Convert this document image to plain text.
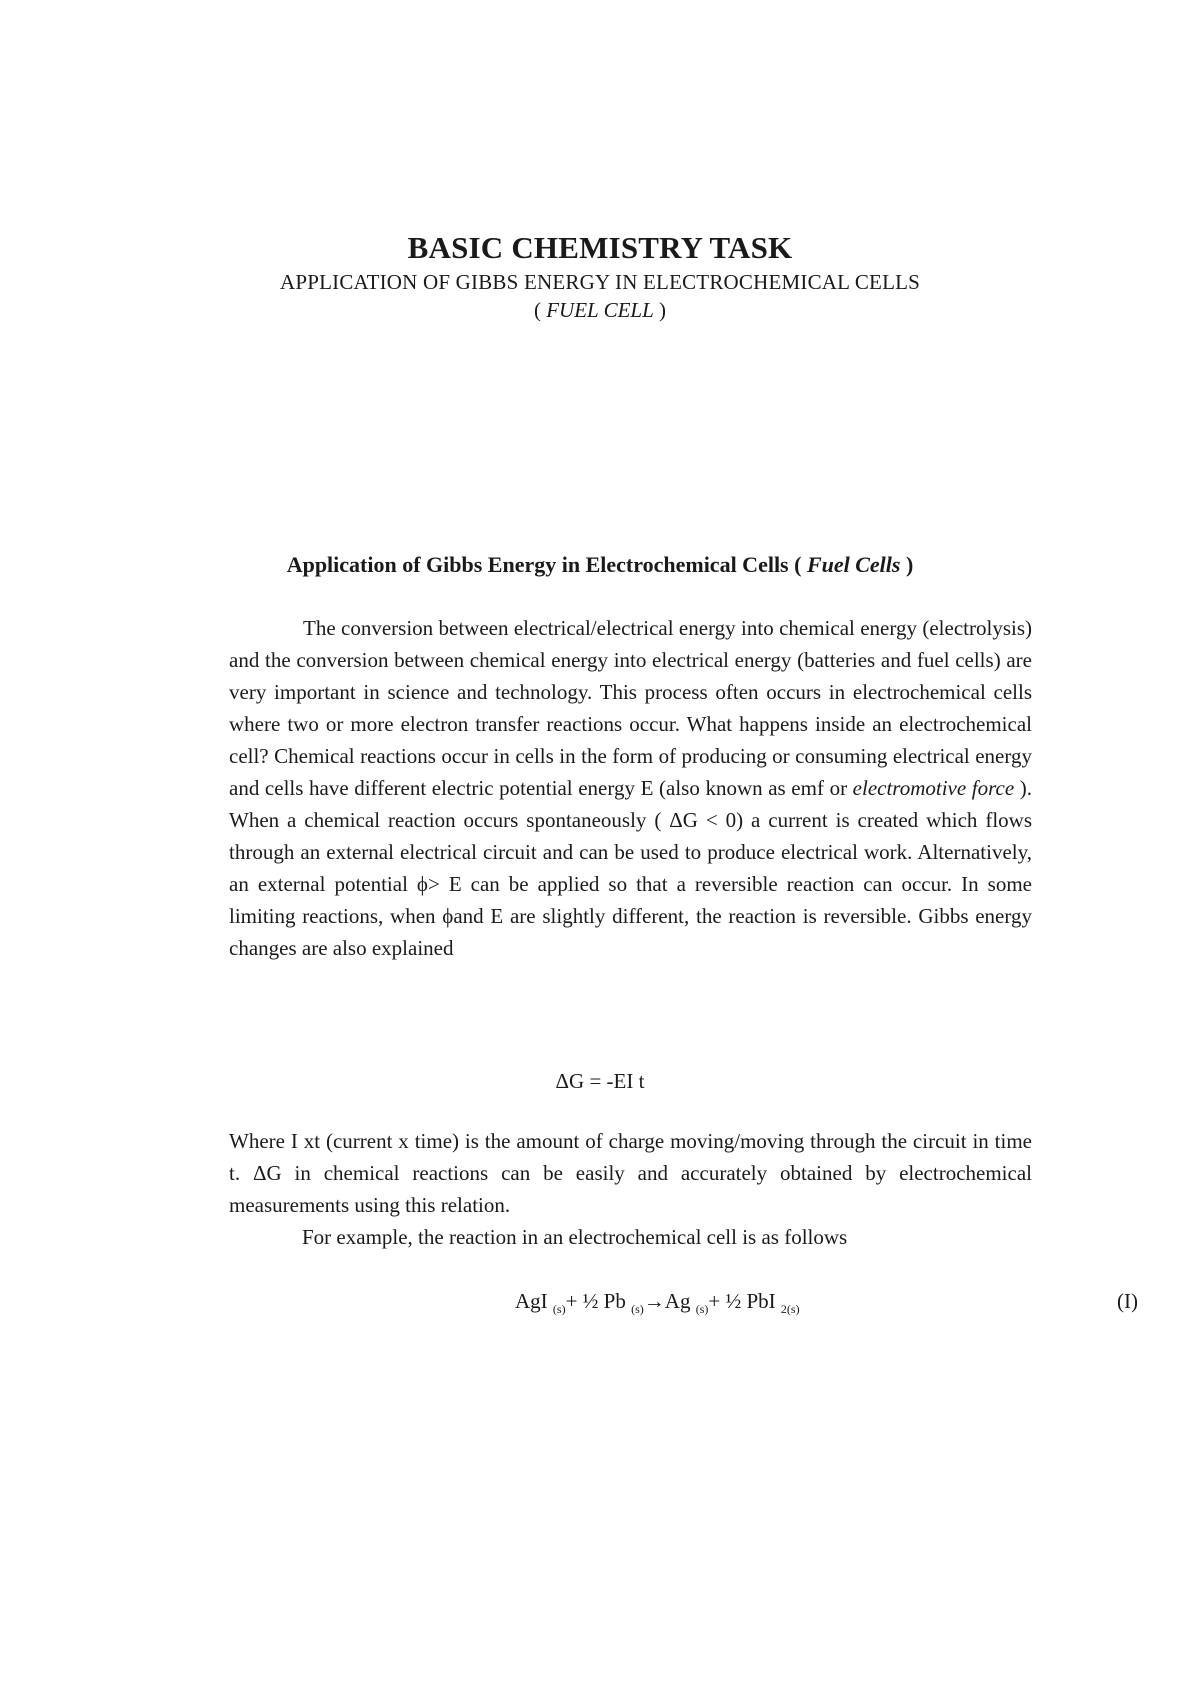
BASIC CHEMISTRY TASK

APPLICATION OF GIBBS ENERGY IN ELECTROCHEMICAL CELLS

( FUEL CELL )

Application of Gibbs Energy in Electrochemical Cells ( Fuel Cells )

The conversion between electrical/electrical energy into chemical energy (electrolysis) and the conversion between chemical energy into electrical energy (batteries and fuel cells) are very important in science and technology. This process often occurs in electrochemical cells where two or more electron transfer reactions occur. What happens inside an electrochemical cell? Chemical reactions occur in cells in the form of producing or consuming electrical energy and cells have different electric potential energy E (also known as emf or electromotive force ). When a chemical reaction occurs spontaneously ( ΔG < 0) a current is created which flows through an external electrical circuit and can be used to produce electrical work. Alternatively, an external potential ϕ> E can be applied so that a reversible reaction can occur. In some limiting reactions, when ϕand E are slightly different, the reaction is reversible. Gibbs energy changes are also explained

ΔG = -EI t

Where I xt (current x time) is the amount of charge moving/moving through the circuit in time t. ΔG in chemical reactions can be easily and accurately obtained by electrochemical measurements using this relation.

For example, the reaction in an electrochemical cell is as follows

AgI $_{(s)}$+ ½ Pb $_{(s)}$→Ag $_{(s)}$+ ½ PbI $_{2(s)}$	(I)
